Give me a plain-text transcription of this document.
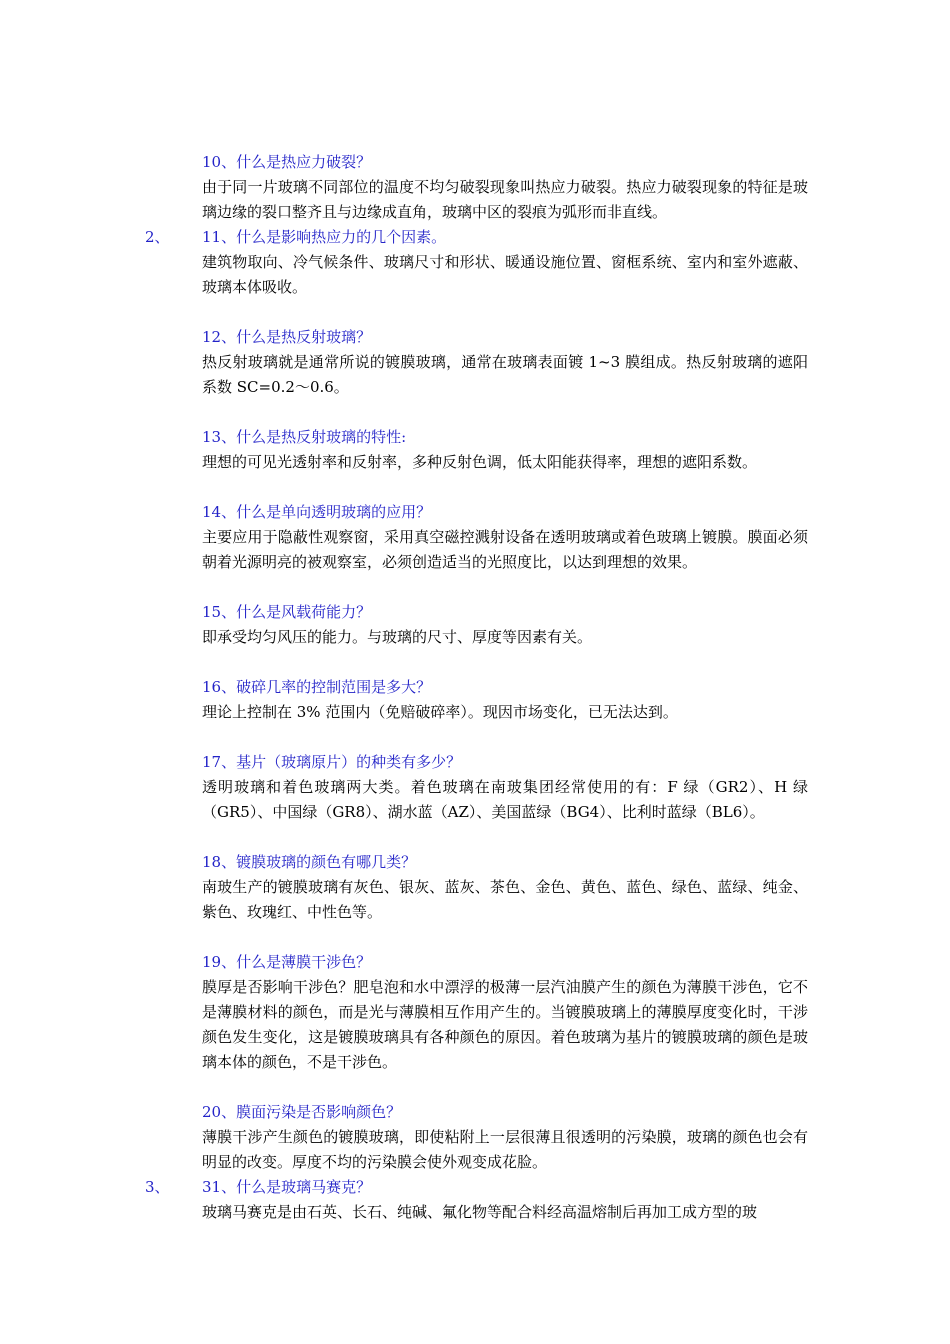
10、什么是热应力破裂？
由于同一片玻璃不同部位的温度不均匀破裂现象叫热应力破裂。热应力破裂现象的特征是玻璃边缘的裂口整齐且与边缘成直角，玻璃中区的裂痕为弧形而非直线。
2、 11、什么是影响热应力的几个因素。
建筑物取向、冷气候条件、玻璃尺寸和形状、暖通设施位置、窗框系统、室内和室外遮蔽、玻璃本体吸收。
12、什么是热反射玻璃？
热反射玻璃就是通常所说的镀膜玻璃，通常在玻璃表面镀 1~3 膜组成。热反射玻璃的遮阳系数 SC=0.2～0.6。
13、什么是热反射玻璃的特性:
理想的可见光透射率和反射率，多种反射色调，低太阳能获得率，理想的遮阳系数。
14、什么是单向透明玻璃的应用？
主要应用于隐蔽性观察窗，采用真空磁控溅射设备在透明玻璃或着色玻璃上镀膜。膜面必须朝着光源明亮的被观察室，必须创造适当的光照度比，以达到理想的效果。
15、什么是风载荷能力？
即承受均匀风压的能力。与玻璃的尺寸、厚度等因素有关。
16、破碎几率的控制范围是多大？
理论上控制在 3% 范围内（免赔破碎率）。现因市场变化，已无法达到。
17、基片（玻璃原片）的种类有多少？
透明玻璃和着色玻璃两大类。着色玻璃在南玻集团经常使用的有：F 绿（GR2）、H 绿（GR5）、中国绿（GR8）、湖水蓝（AZ）、美国蓝绿（BG4）、比利时蓝绿（BL6）。
18、镀膜玻璃的颜色有哪几类？
南玻生产的镀膜玻璃有灰色、银灰、蓝灰、茶色、金色、黄色、蓝色、绿色、蓝绿、纯金、紫色、玫瑰红、中性色等。
19、什么是薄膜干涉色？
膜厚是否影响干涉色？肥皂泡和水中漂浮的极薄一层汽油膜产生的颜色为薄膜干涉色，它不是薄膜材料的颜色，而是光与薄膜相互作用产生的。当镀膜玻璃上的薄膜厚度变化时，干涉颜色发生变化，这是镀膜玻璃具有各种颜色的原因。着色玻璃为基片的镀膜玻璃的颜色是玻璃本体的颜色，不是干涉色。
20、膜面污染是否影响颜色？
薄膜干涉产生颜色的镀膜玻璃，即使粘附上一层很薄且很透明的污染膜，玻璃的颜色也会有明显的改变。厚度不均的污染膜会使外观变成花脸。
3、 31、什么是玻璃马赛克？
玻璃马赛克是由石英、长石、纯碱、氟化物等配合料经高温熔制后再加工成方型的玻
